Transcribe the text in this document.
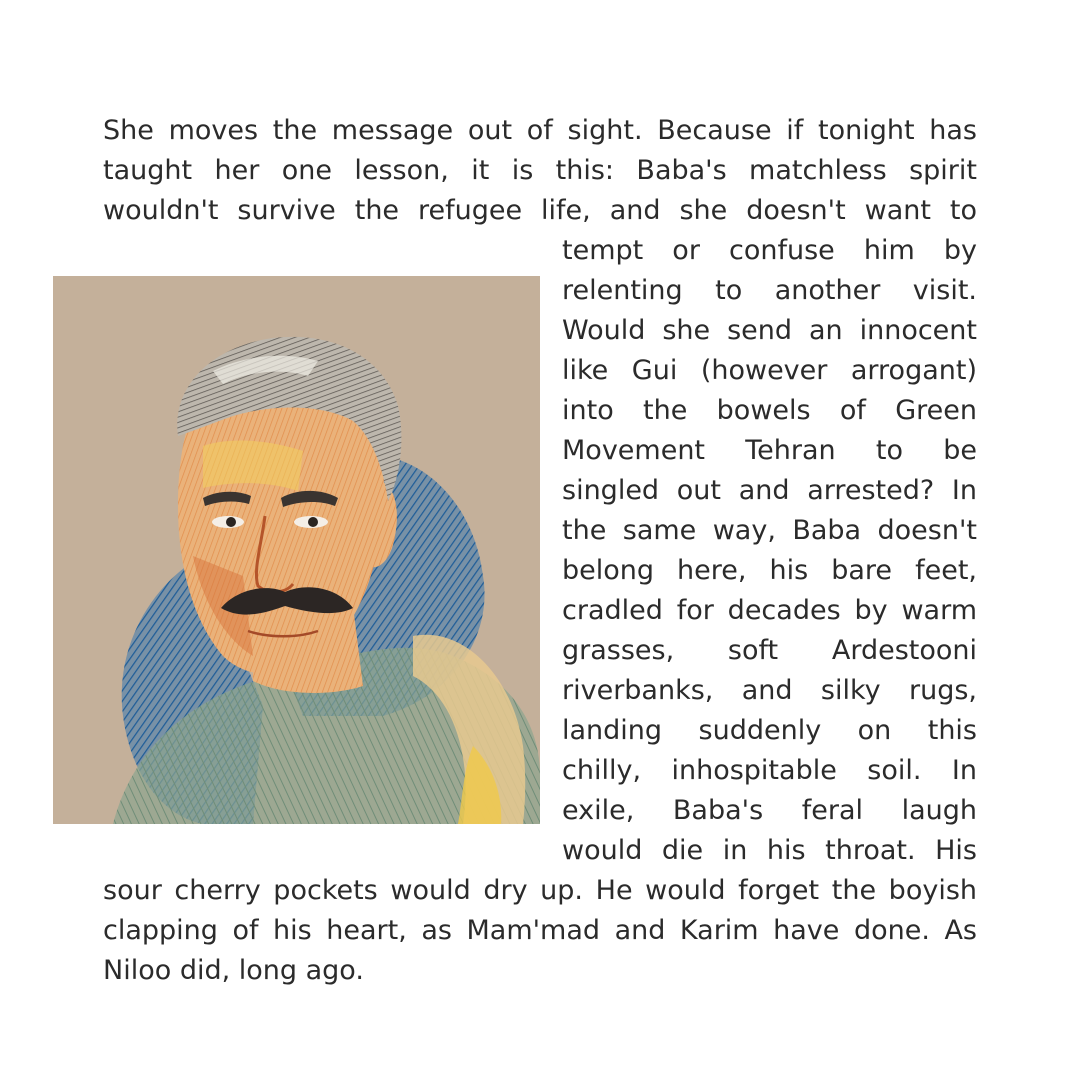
She moves the message out of sight. Because if tonight has
taught her one lesson, it is this: Baba's matchless spirit
wouldn't survive the refugee life, and she doesn't want to
tempt or confuse him by
relenting to another visit.
Would she send an innocent
like Gui (however arrogant)
into the bowels of Green
Movement Tehran to be
singled out and arrested? In
the same way, Baba doesn't
belong here, his bare feet,
cradled for decades by warm
grasses, soft Ardestooni
riverbanks, and silky rugs,
landing suddenly on this
chilly, inhospitable soil. In
exile, Baba's feral laugh
would die in his throat. His
sour cherry pockets would dry up. He would forget the boyish
clapping of his heart, as Mam'mad and Karim have done. As
Niloo did, long ago.
